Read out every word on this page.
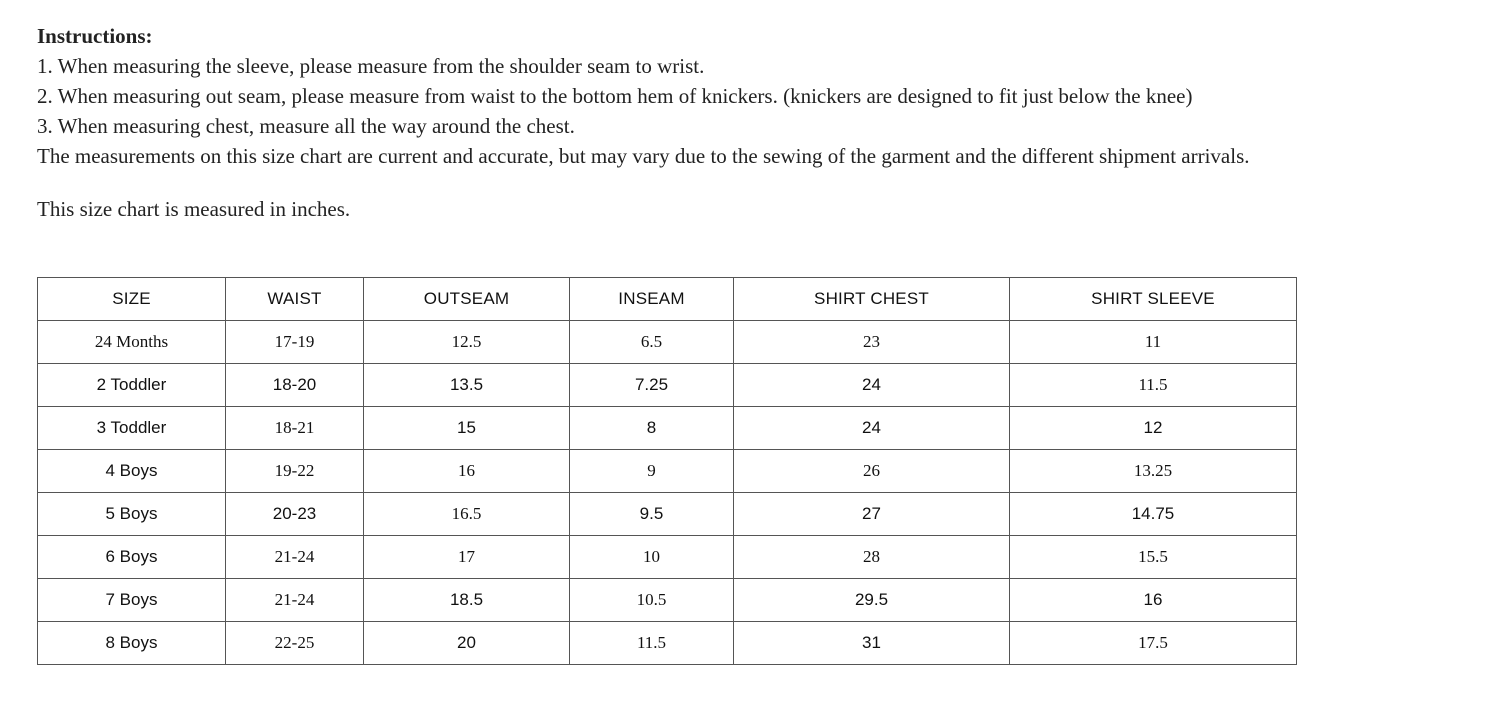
Instructions:
1. When measuring the sleeve, please measure from the shoulder seam to wrist.
2. When measuring out seam, please measure from waist to the bottom hem of knickers. (knickers are designed to fit just below the knee)
3. When measuring chest, measure all the way around the chest.
The measurements on this size chart are current and accurate, but may vary due to the sewing of the garment and the different shipment arrivals.
This size chart is measured in inches.
SIZE	WAIST	OUTSEAM	INSEAM	SHIRT CHEST	SHIRT SLEEVE
24 Months	17-19	12.5	6.5	23	11
2 Toddler	18-20	13.5	7.25	24	11.5
3 Toddler	18-21	15	8	24	12
4 Boys	19-22	16	9	26	13.25
5 Boys	20-23	16.5	9.5	27	14.75
6 Boys	21-24	17	10	28	15.5
7 Boys	21-24	18.5	10.5	29.5	16
8 Boys	22-25	20	11.5	31	17.5
